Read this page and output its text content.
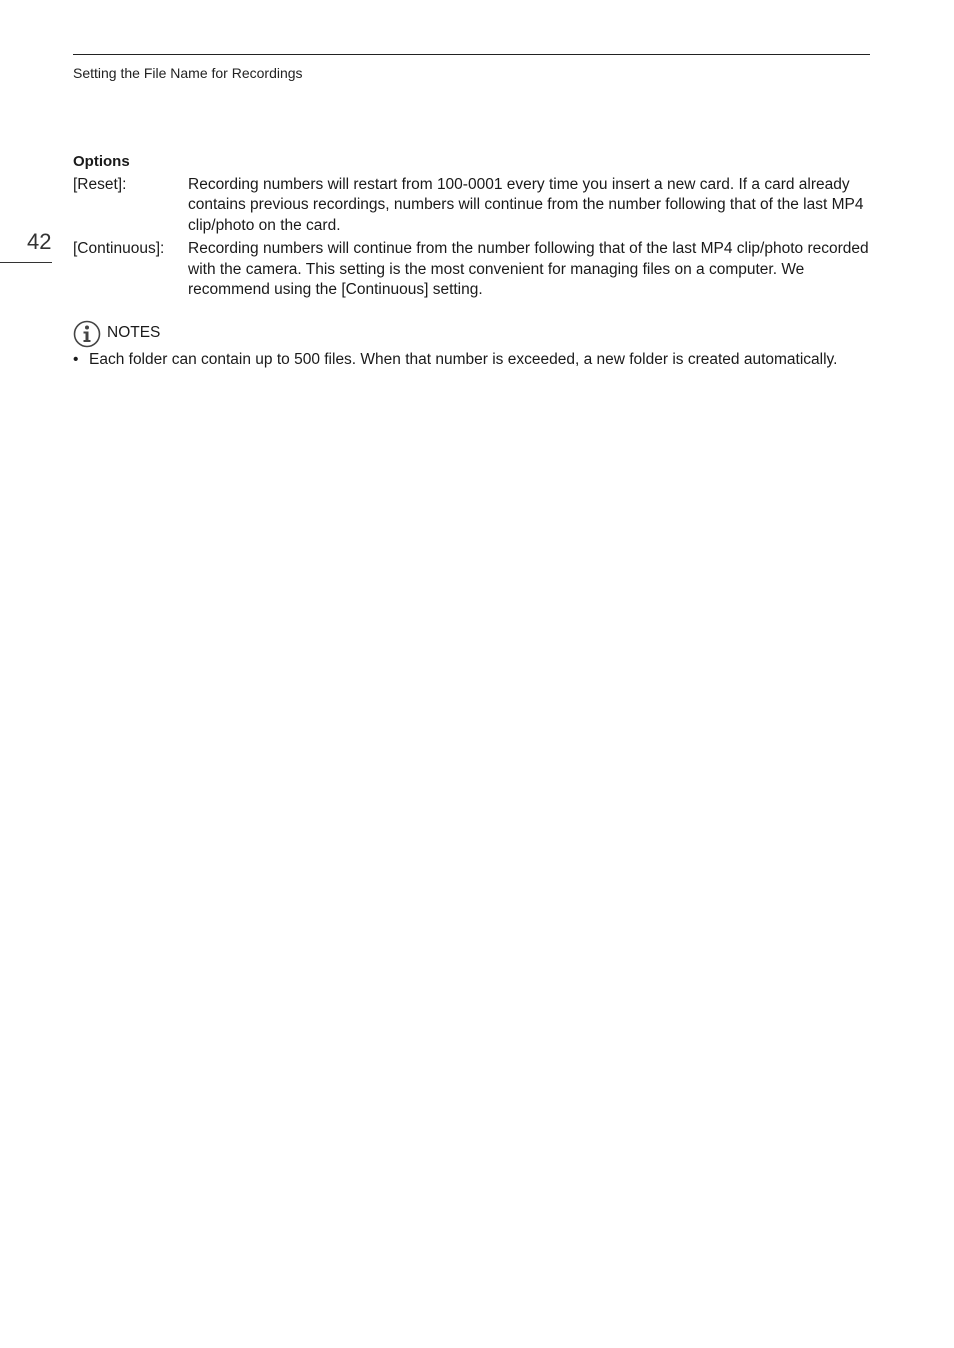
Setting the File Name for Recordings
42
Options
[Reset]:	Recording numbers will restart from 100-0001 every time you insert a new card. If a card already contains previous recordings, numbers will continue from the number following that of the last MP4 clip/photo on the card.
[Continuous]:	Recording numbers will continue from the number following that of the last MP4 clip/photo recorded with the camera. This setting is the most convenient for managing files on a computer. We recommend using the [Continuous] setting.
NOTES
• Each folder can contain up to 500 files. When that number is exceeded, a new folder is created automatically.
